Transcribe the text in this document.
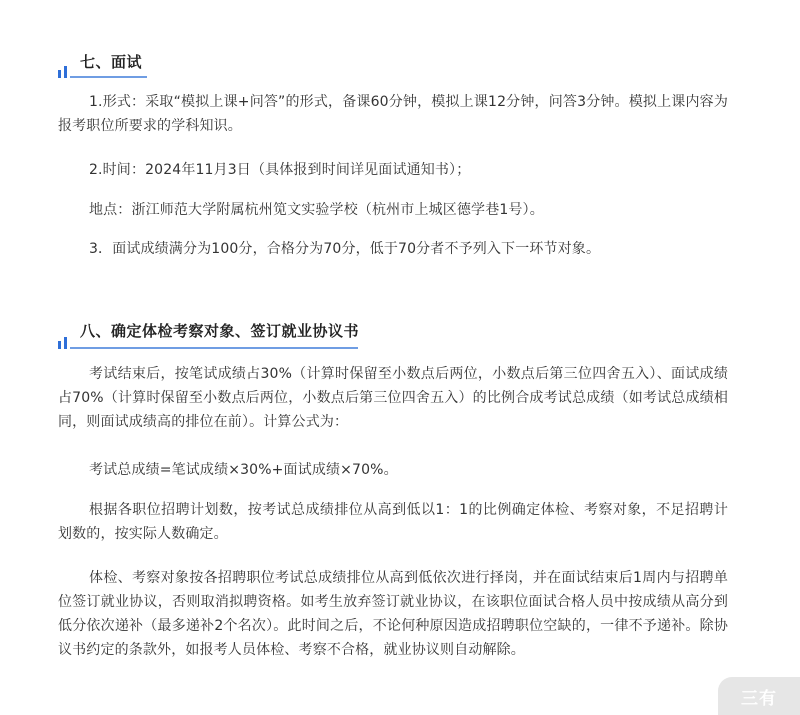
七、面试

1.形式：采取“模拟上课+问答”的形式，备课60分钟，模拟上课12分钟，问答3分钟。模拟上课内容为报考职位所要求的学科知识。

2.时间：2024年11月3日（具体报到时间详见面试通知书）；

地点：浙江师范大学附属杭州笕文实验学校（杭州市上城区德学巷1号）。

3．面试成绩满分为100分，合格分为70分，低于70分者不予列入下一环节对象。

八、确定体检考察对象、签订就业协议书

考试结束后，按笔试成绩占30%（计算时保留至小数点后两位，小数点后第三位四舍五入）、面试成绩占70%（计算时保留至小数点后两位，小数点后第三位四舍五入）的比例合成考试总成绩（如考试总成绩相同，则面试成绩高的排位在前）。计算公式为：

考试总成绩=笔试成绩×30%+面试成绩×70%。

根据各职位招聘计划数，按考试总成绩排位从高到低以1：1的比例确定体检、考察对象，不足招聘计划数的，按实际人数确定。

体检、考察对象按各招聘职位考试总成绩排位从高到低依次进行择岗，并在面试结束后1周内与招聘单位签订就业协议，否则取消拟聘资格。如考生放弃签订就业协议，在该职位面试合格人员中按成绩从高分到低分依次递补（最多递补2个名次）。此时间之后，不论何种原因造成招聘职位空缺的，一律不予递补。除协议书约定的条款外，如报考人员体检、考察不合格，就业协议则自动解除。

三有
